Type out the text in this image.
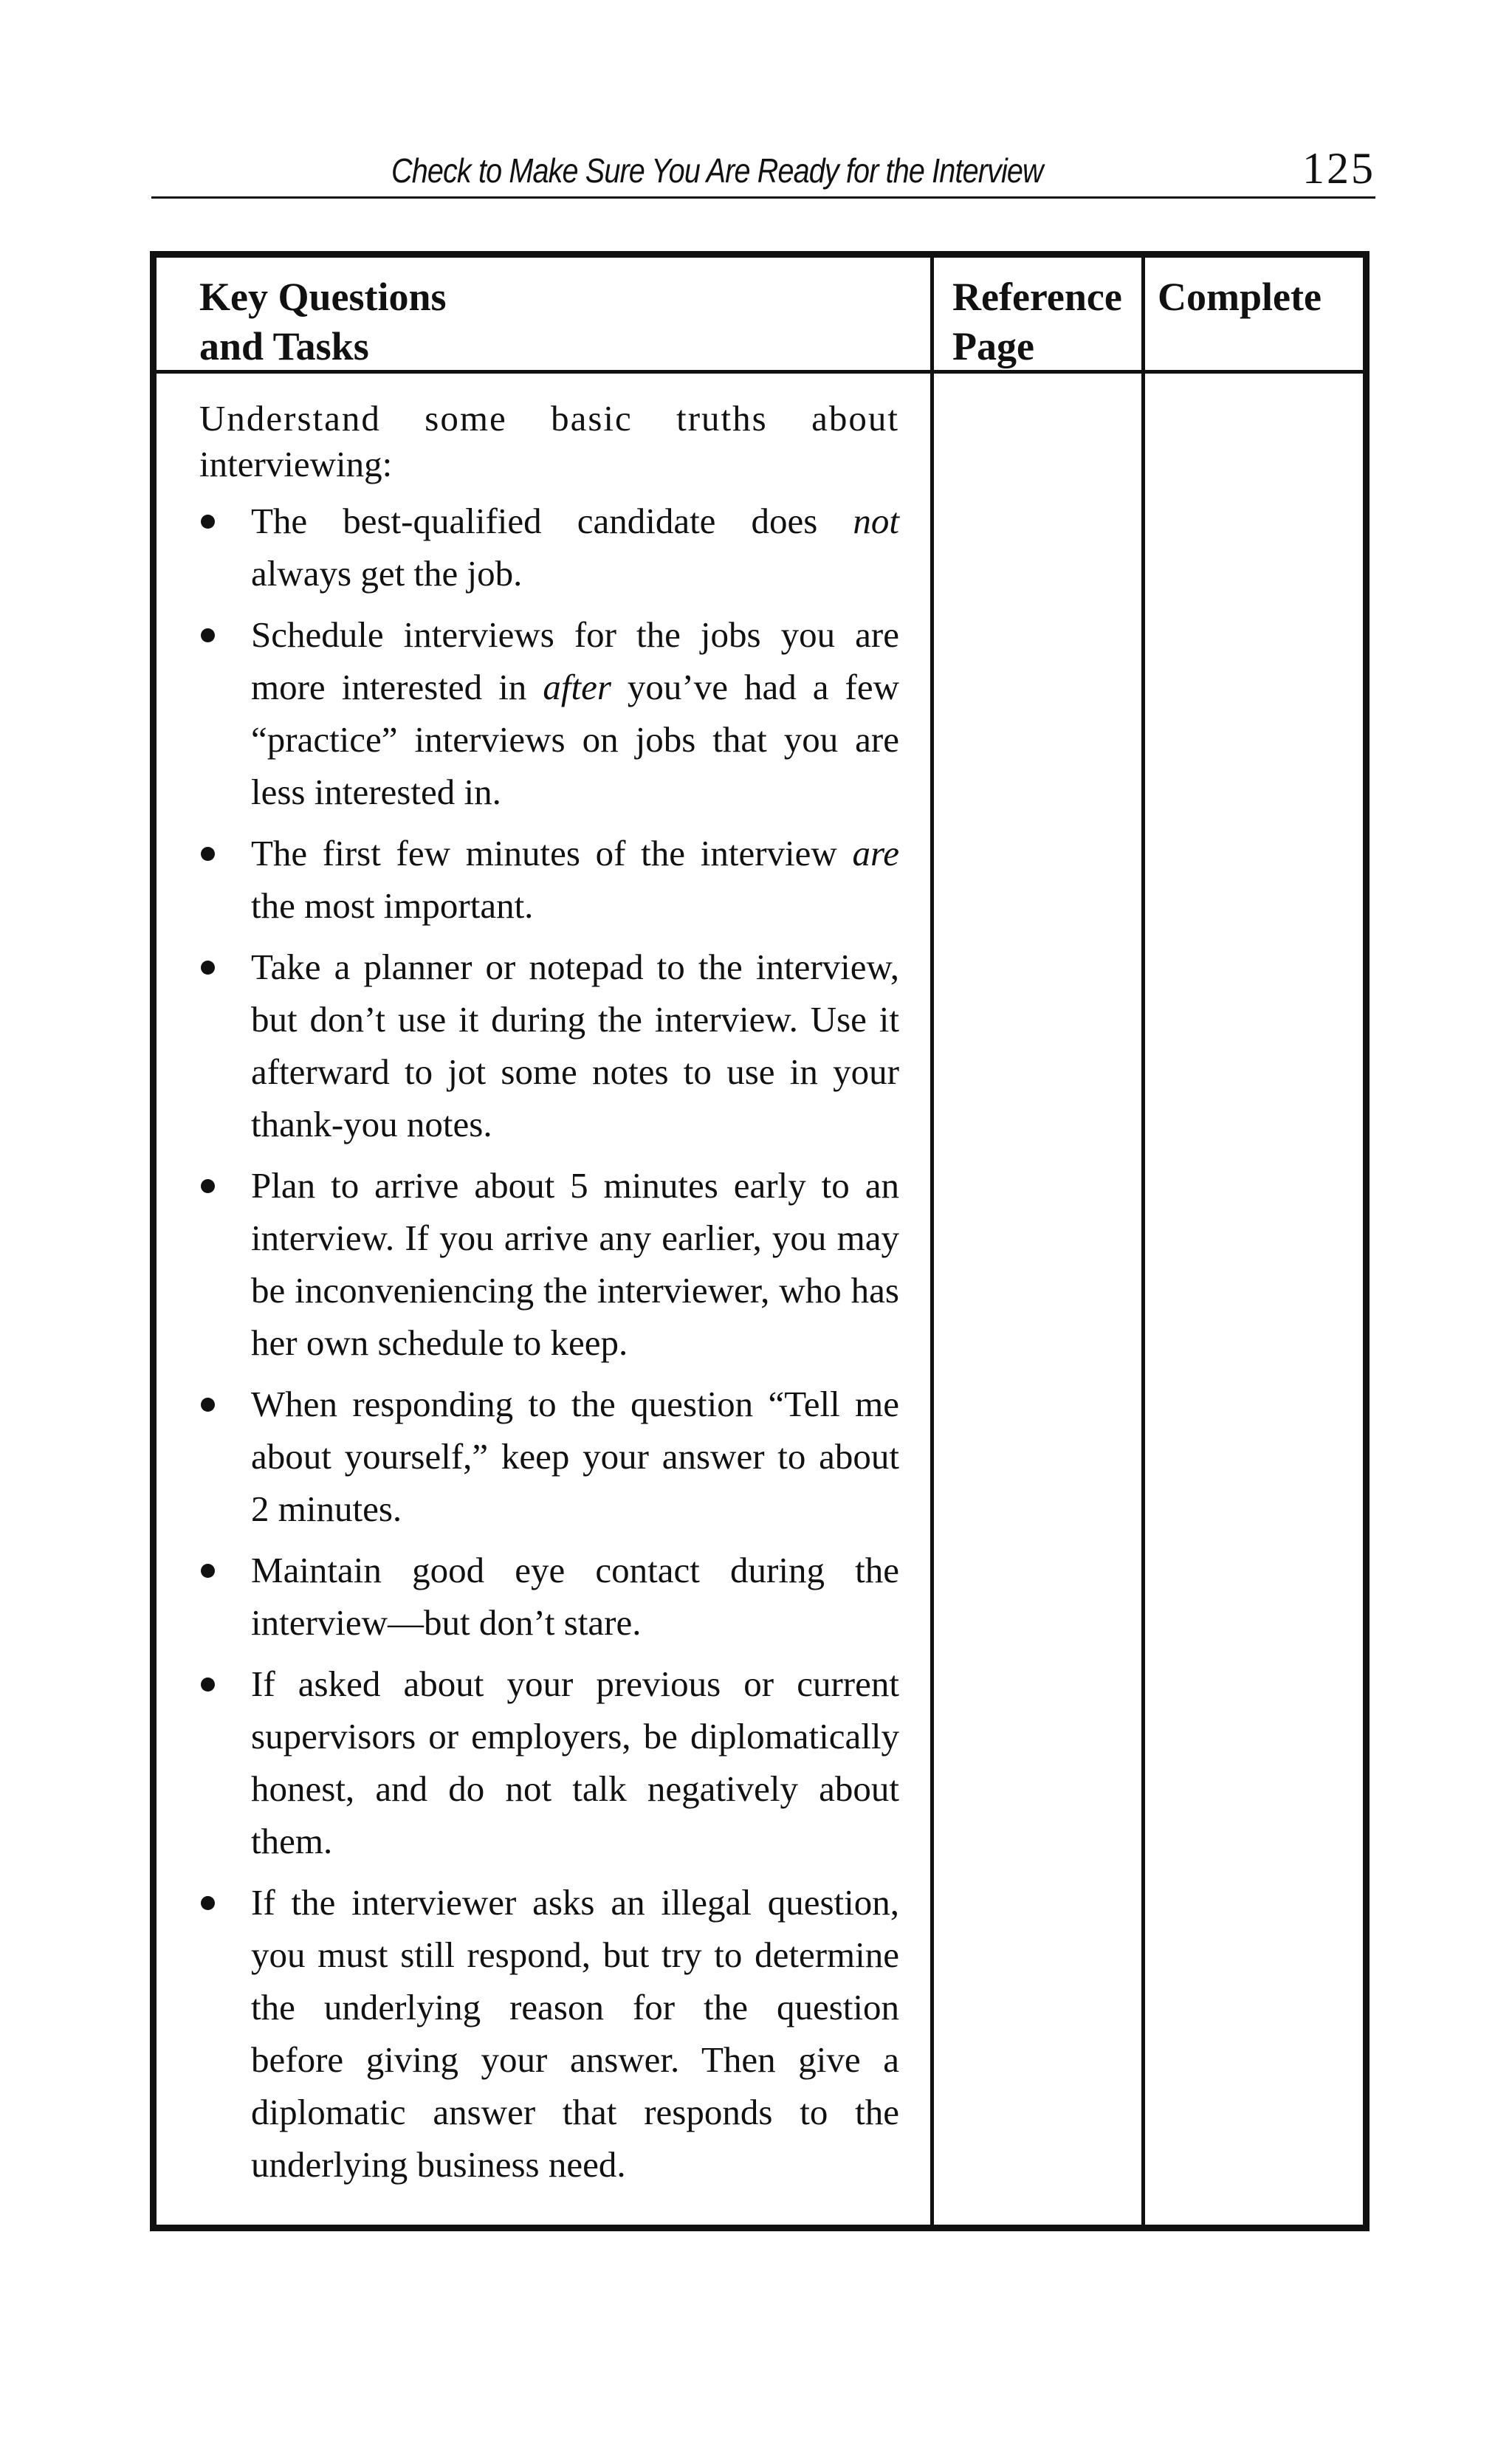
Check to Make Sure You Are Ready for the Interview	125
Key Questions
and Tasks
Reference
Page
Complete
Understand some basic truths about
interviewing:
The best-qualified candidate does not always get the job.
Schedule interviews for the jobs you are more interested in after you’ve had a few “practice” interviews on jobs that you are less interested in.
The first few minutes of the interview are the most important.
Take a planner or notepad to the interview, but don’t use it during the interview. Use it afterward to jot some notes to use in your thank-you notes.
Plan to arrive about 5 minutes early to an interview. If you arrive any earlier, you may be inconveniencing the interviewer, who has her own schedule to keep.
When responding to the question “Tell me about yourself,” keep your answer to about 2 minutes.
Maintain good eye contact during the interview—but don’t stare.
If asked about your previous or current supervisors or employers, be diplomatically honest, and do not talk negatively about them.
If the interviewer asks an illegal question, you must still respond, but try to determine the underlying reason for the question before giving your answer. Then give a diplomatic answer that responds to the underlying business need.
